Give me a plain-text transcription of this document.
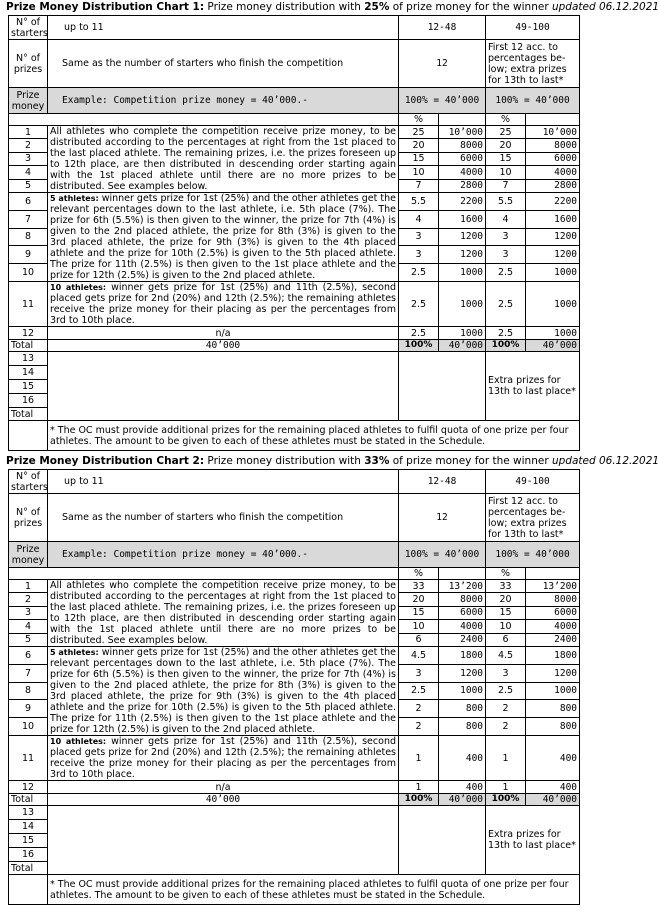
Prize Money Distribution Chart 1: Prize money distribution with 25% of prize money for the winner updated 06.12.2021
N° of starters	up to 11	12-48		49-100	
N° of prizes	Same as the number of starters who finish the competition	12		First 12 acc. to percentages be-low; extra prizes for 13th to last*	
Prize money	Example: Competition prize money = 40’000.-	100% = 40’000		100% = 40’000	
		%		%	
1	All athletes who complete the competition receive prize money, to be distributed according to the percentages at right from the 1st placed to the last placed athlete. The remaining prizes, i.e. the prizes foreseen up to 12th place, are then distributed in descending order starting again with the 1st placed athlete until there are no more prizes to be distributed. See examples below.	25	10’000	25	10’000
2		20	8000	20	8000
3		15	6000	15	6000
4		10	4000	10	4000
5		7	2800	7	2800
6	5 athletes: winner gets prize for 1st (25%) and the other athletes get the relevant percentages down to the last athlete, i.e. 5th place (7%). The prize for 6th (5.5%) is then given to the winner, the prize for 7th (4%) is given to the 2nd placed athlete, the prize for 8th (3%) is given to the 3rd placed athlete, the prize for 9th (3%) is given to the 4th placed athlete and the prize for 10th (2.5%) is given to the 5th placed athlete. The prize for 11th (2.5%) is then given to the 1st place athlete and the prize for 12th (2.5%) is given to the 2nd placed athlete.	5.5	2200	5.5	2200
7		4	1600	4	1600
8		3	1200	3	1200
9		3	1200	3	1200
10		2.5	1000	2.5	1000
11	10 athletes: winner gets prize for 1st (25%) and 11th (2.5%), second placed gets prize for 2nd (20%) and 12th (2.5%); the remaining athletes receive the prize money for their placing as per the percentages from 3rd to 10th place.	2.5	1000	2.5	1000
12	n/a	2.5	1000	2.5	1000
Total	40’000	100%	40’000	100%	40’000
13				Extra prizes for 13th to last place*	
14					
15					
16					
Total					
	* The OC must provide additional prizes for the remaining placed athletes to fulfil quota of one prize per four athletes. The amount to be given to each of these athletes must be stated in the Schedule.				
Prize Money Distribution Chart 2: Prize money distribution with 33% of prize money for the winner updated 06.12.2021
N° of starters	up to 11	12-48		49-100	
N° of prizes	Same as the number of starters who finish the competition	12		First 12 acc. to percentages be-low; extra prizes for 13th to last*	
Prize money	Example: Competition prize money = 40’000.-	100% = 40’000		100% = 40’000	
		%		%	
1	All athletes who complete the competition receive prize money, to be distributed according to the percentages at right from the 1st placed to the last placed athlete. The remaining prizes, i.e. the prizes foreseen up to 12th place, are then distributed in descending order starting again with the 1st placed athlete until there are no more prizes to be distributed. See examples below.	33	13’200	33	13’200
2		20	8000	20	8000
3		15	6000	15	6000
4		10	4000	10	4000
5		6	2400	6	2400
6	5 athletes: winner gets prize for 1st (25%) and the other athletes get the relevant percentages down to the last athlete, i.e. 5th place (7%). The prize for 6th (5.5%) is then given to the winner, the prize for 7th (4%) is given to the 2nd placed athlete, the prize for 8th (3%) is given to the 3rd placed athlete, the prize for 9th (3%) is given to the 4th placed athlete and the prize for 10th (2.5%) is given to the 5th placed athlete. The prize for 11th (2.5%) is then given to the 1st place athlete and the prize for 12th (2.5%) is given to the 2nd placed athlete.	4.5	1800	4.5	1800
7		3	1200	3	1200
8		2.5	1000	2.5	1000
9		2	800	2	800
10		2	800	2	800
11	10 athletes: winner gets prize for 1st (25%) and 11th (2.5%), second placed gets prize for 2nd (20%) and 12th (2.5%); the remaining athletes receive the prize money for their placing as per the percentages from 3rd to 10th place.	1	400	1	400
12	n/a	1	400	1	400
Total	40’000	100%	40’000	100%	40’000
13				Extra prizes for 13th to last place*	
14					
15					
16					
Total					
	* The OC must provide additional prizes for the remaining placed athletes to fulfil quota of one prize per four athletes. The amount to be given to each of these athletes must be stated in the Schedule.				
